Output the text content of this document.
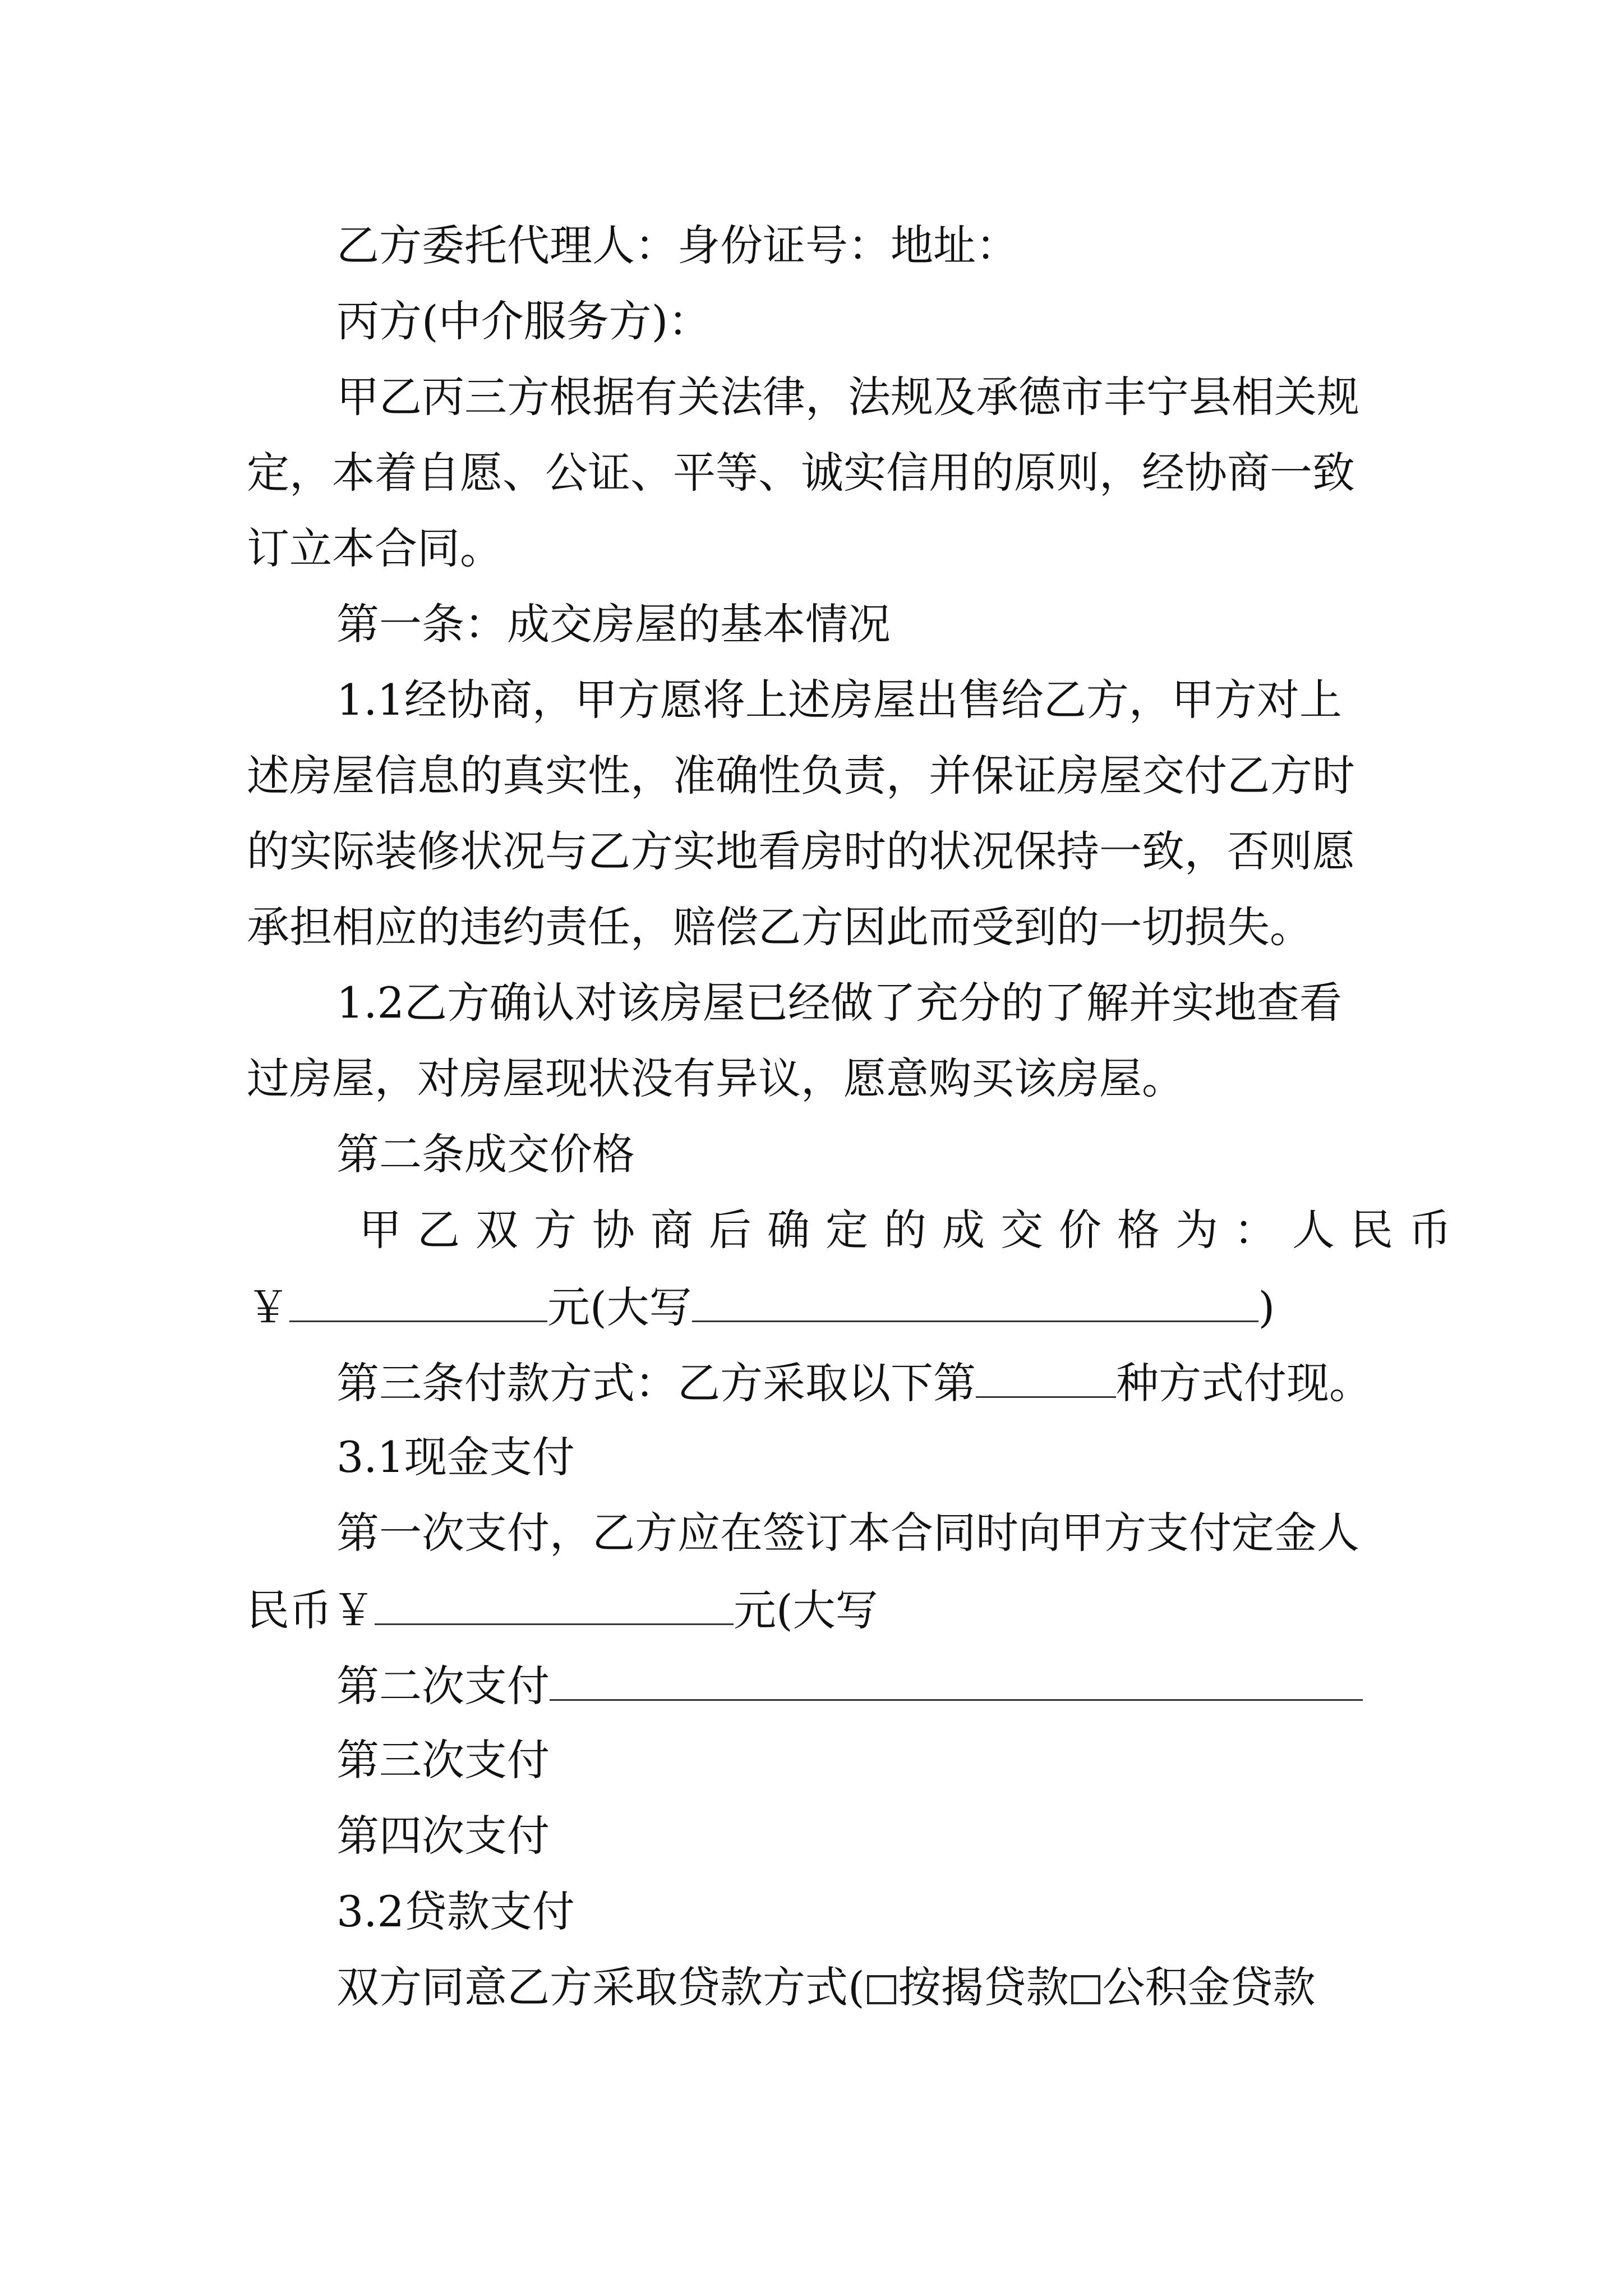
乙方委托代理人：身份证号：地址：
丙方(中介服务方)：
甲乙丙三方根据有关法律，法规及承德市丰宁县相关规
定，本着自愿、公证、平等、诚实信用的原则，经协商一致
订立本合同。
第一条：成交房屋的基本情况
1.1经协商，甲方愿将上述房屋出售给乙方，甲方对上
述房屋信息的真实性，准确性负责，并保证房屋交付乙方时
的实际装修状况与乙方实地看房时的状况保持一致，否则愿
承担相应的违约责任，赔偿乙方因此而受到的一切损失。
1.2乙方确认对该房屋已经做了充分的了解并实地查看
过房屋，对房屋现状没有异议，愿意购买该房屋。
第二条成交价格
甲乙双方协商后确定的成交价格为：人民币
￥	元(大写	)
第三条付款方式：乙方采取以下第	种方式付现。
3.1现金支付
第一次支付，乙方应在签订本合同时向甲方支付定金人
民币￥	元(大写
第二次支付
第三次支付
第四次支付
3.2贷款支付
双方同意乙方采取贷款方式( 按揭贷款 公积金贷款
